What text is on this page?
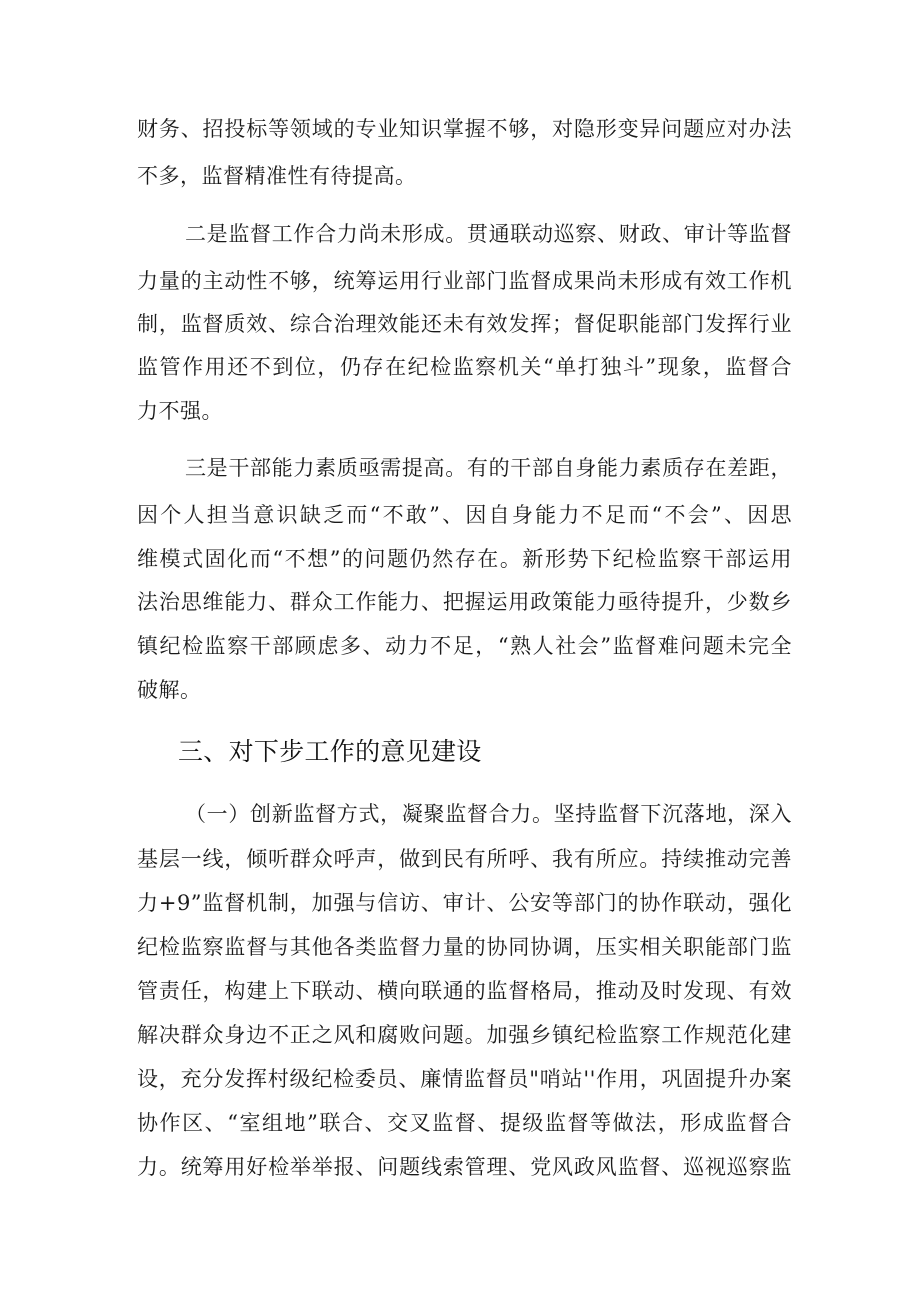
财务、招投标等领域的专业知识掌握不够，对隐形变异问题应对办法
不多，监督精准性有待提高。
二是监督工作合力尚未形成。贯通联动巡察、财政、审计等监督
力量的主动性不够，统筹运用行业部门监督成果尚未形成有效工作机
制，监督质效、综合治理效能还未有效发挥；督促职能部门发挥行业
监管作用还不到位，仍存在纪检监察机关“单打独斗”现象，监督合
力不强。
三是干部能力素质亟需提高。有的干部自身能力素质存在差距，
因个人担当意识缺乏而“不敢”、因自身能力不足而“不会”、因思
维模式固化而“不想”的问题仍然存在。新形势下纪检监察干部运用
法治思维能力、群众工作能力、把握运用政策能力亟待提升，少数乡
镇纪检监察干部顾虑多、动力不足，“熟人社会”监督难问题未完全
破解。
三、对下步工作的意见建设
（一）创新监督方式，凝聚监督合力。坚持监督下沉落地，深入
基层一线，倾听群众呼声，做到民有所呼、我有所应。持续推动完善
力+9”监督机制，加强与信访、审计、公安等部门的协作联动，强化
纪检监察监督与其他各类监督力量的协同协调，压实相关职能部门监
管责任，构建上下联动、横向联通的监督格局，推动及时发现、有效
解决群众身边不正之风和腐败问题。加强乡镇纪检监察工作规范化建
设，充分发挥村级纪检委员、廉情监督员"哨站''作用，巩固提升办案
协作区、“室组地”联合、交叉监督、提级监督等做法，形成监督合
力。统筹用好检举举报、问题线索管理、党风政风监督、巡视巡察监
